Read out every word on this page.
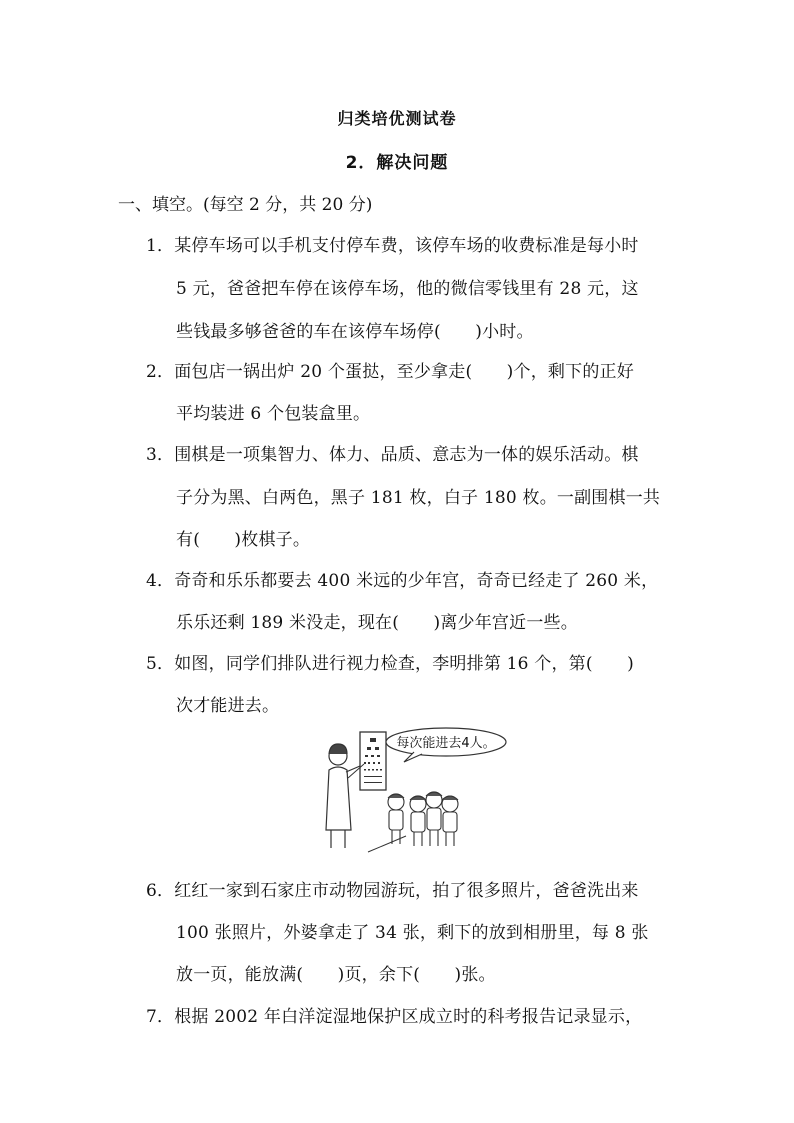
归类培优测试卷
2．解决问题
一、填空。(每空 2 分，共 20 分)
1．某停车场可以手机支付停车费，该停车场的收费标准是每小时
5 元，爸爸把车停在该停车场，他的微信零钱里有 28 元，这
些钱最多够爸爸的车在该停车场停(　　)小时。
2．面包店一锅出炉 20 个蛋挞，至少拿走(　　)个，剩下的正好
平均装进 6 个包装盒里。
3．围棋是一项集智力、体力、品质、意志为一体的娱乐活动。棋
子分为黑、白两色，黑子 181 枚，白子 180 枚。一副围棋一共
有(　　)枚棋子。
4．奇奇和乐乐都要去 400 米远的少年宫，奇奇已经走了 260 米，
乐乐还剩 189 米没走，现在(　　)离少年宫近一些。
5．如图，同学们排队进行视力检查，李明排第 16 个，第(　　)
次才能进去。
每次能进去4人。
6．红红一家到石家庄市动物园游玩，拍了很多照片，爸爸洗出来
100 张照片，外婆拿走了 34 张，剩下的放到相册里，每 8 张
放一页，能放满(　　)页，余下(　　)张。
7．根据 2002 年白洋淀湿地保护区成立时的科考报告记录显示，
